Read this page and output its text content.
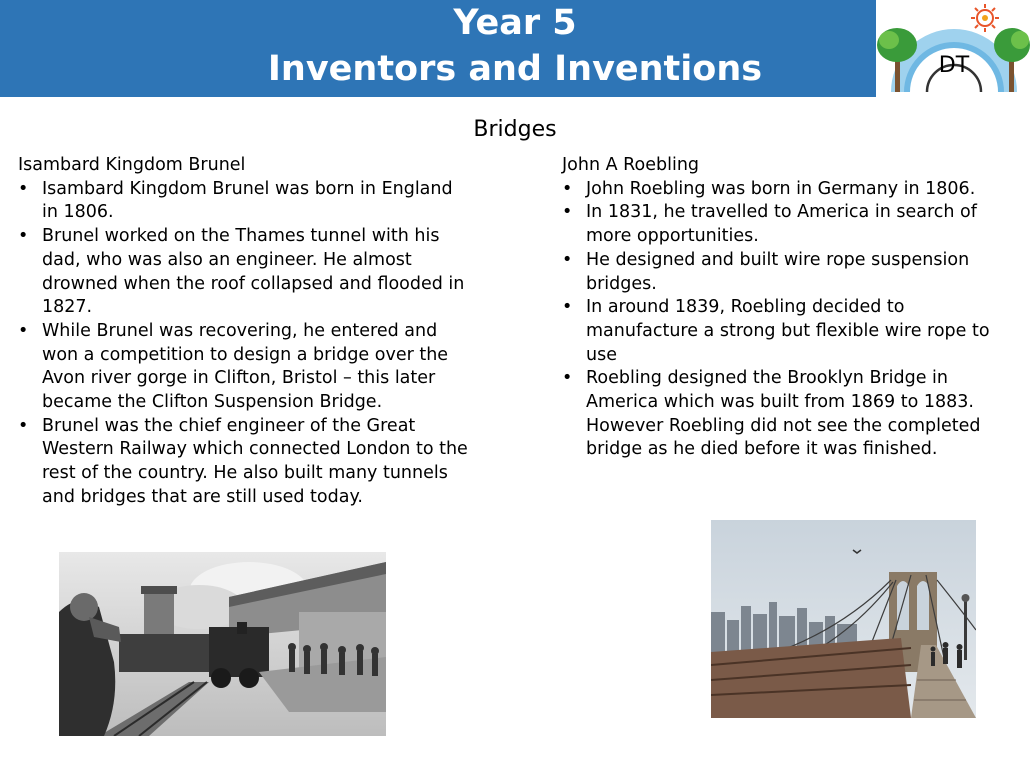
Year 5
Inventors and Inventions	DT
Bridges
Isambard Kingdom Brunel
• Isambard Kingdom Brunel was born in England in 1806.
• Brunel worked on the Thames tunnel with his dad, who was also an engineer. He almost drowned when the roof collapsed and flooded in 1827.
• While Brunel was recovering, he entered and won a competition to design a bridge over the Avon river gorge in Clifton, Bristol – this later became the Clifton Suspension Bridge.
• Brunel was the chief engineer of the Great Western Railway which connected London to the rest of the country. He also built many tunnels and bridges that are still used today.
John A Roebling
• John Roebling was born in Germany in 1806.
• In 1831, he travelled to America in search of more opportunities.
• He designed and built wire rope suspension bridges.
• In around 1839, Roebling decided to manufacture a strong but flexible wire rope to use
• Roebling designed the Brooklyn Bridge in America which was built from 1869 to 1883. However Roebling did not see the completed bridge as he died before it was finished.
